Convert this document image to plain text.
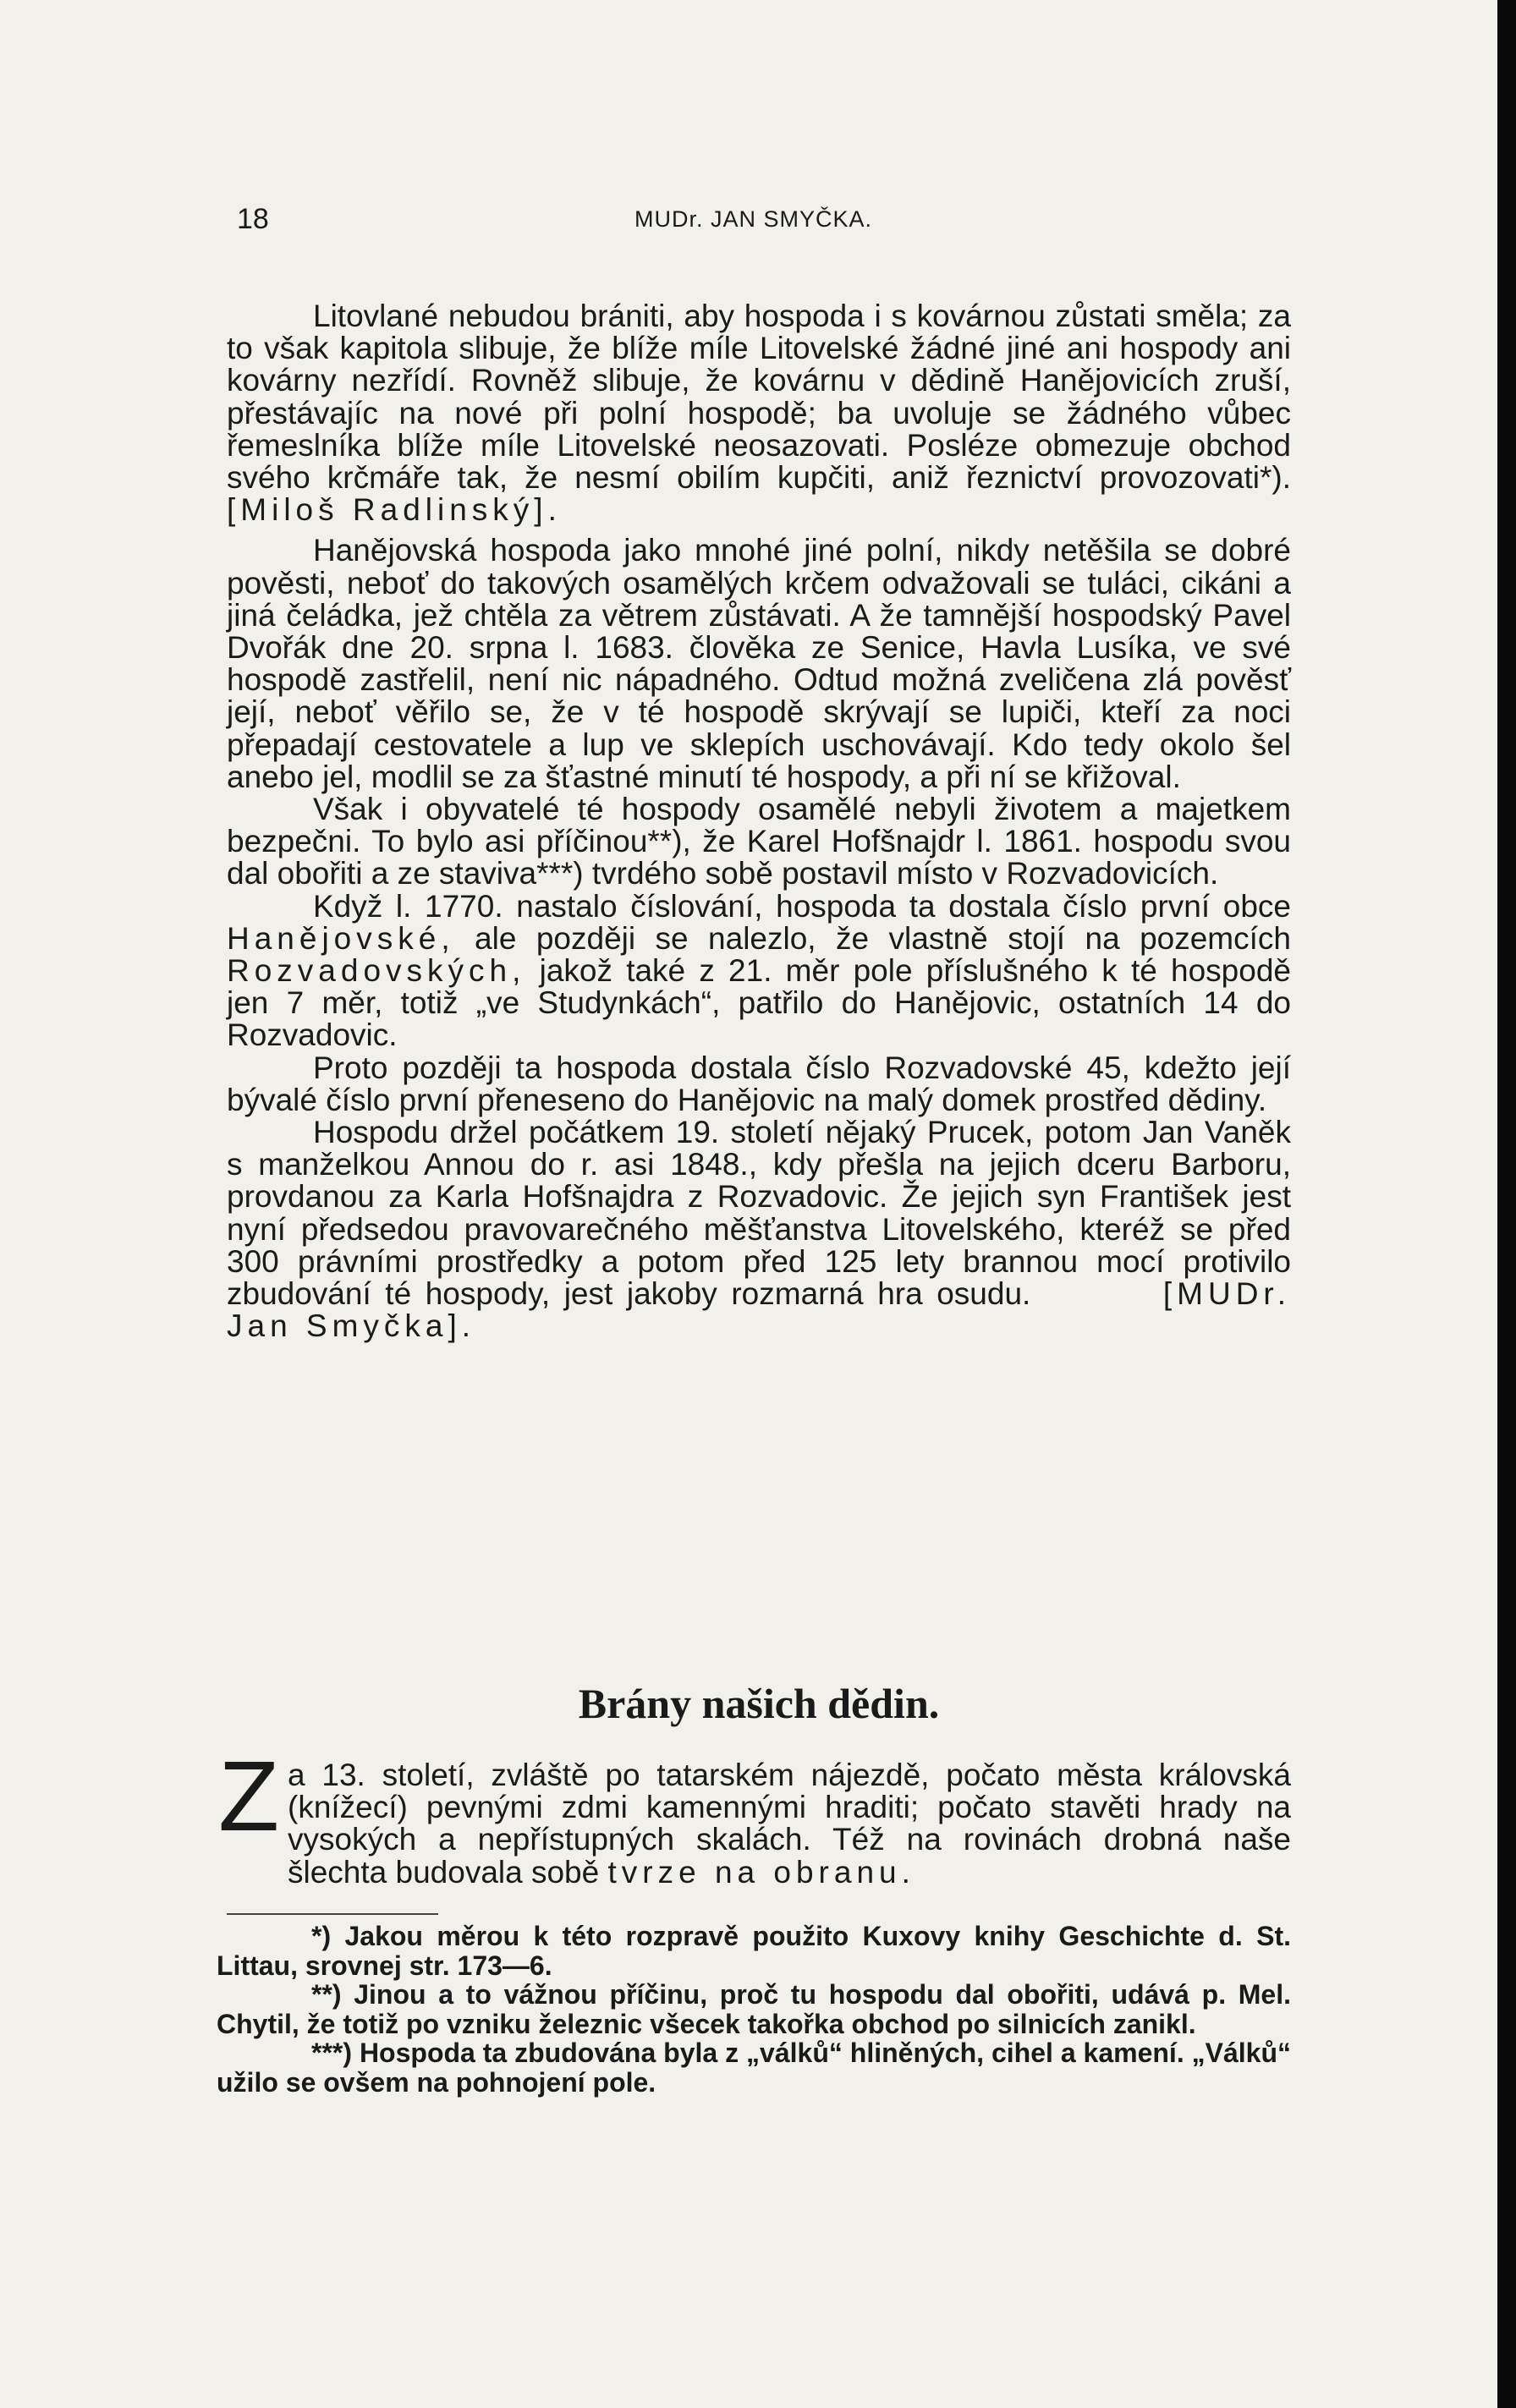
18	MUDr. JAN SMYČKA.

Litovlané nebudou brániti, aby hospoda i s kovárnou zůstati směla; za to však kapitola slibuje, že blíže míle Litovelské žádné jiné ani hospody ani kovárny nezřídí. Rovněž slibuje, že kovárnu v dědině Hanějovicích zruší, přestávajíc na nové při polní hospodě; ba uvoluje se žádného vůbec řemeslníka blíže míle Litovelské neosazovati. Posléze obmezuje obchod svého krčmáře tak, že nesmí obilím kupčiti, aniž řeznictví provozovati*). [Miloš Radlinský].

Hanějovská hospoda jako mnohé jiné polní, nikdy netěšila se dobré pověsti, neboť do takových osamělých krčem odvažovali se tuláci, cikáni a jiná čeládka, jež chtěla za větrem zůstávati. A že tamnější hospodský Pavel Dvořák dne 20. srpna l. 1683. člověka ze Senice, Havla Lusíka, ve své hospodě zastřelil, není nic nápadného. Odtud možná zveličena zlá pověsť její, neboť věřilo se, že v té hospodě skrývají se lupiči, kteří za noci přepadají cestovatele a lup ve sklepích uschovávají. Kdo tedy okolo šel anebo jel, modlil se za šťastné minutí té hospody, a při ní se křižoval.

Však i obyvatelé té hospody osamělé nebyli životem a majetkem bezpečni. To bylo asi příčinou**), že Karel Hofšnajdr l. 1861. hospodu svou dal obořiti a ze staviva***) tvrdého sobě postavil místo v Rozvadovicích.

Když l. 1770. nastalo číslování, hospoda ta dostala číslo první obce Hanějovské, ale později se nalezlo, že vlastně stojí na pozemcích Rozvadovských, jakož také z 21. měr pole příslušného k té hospodě jen 7 měr, totiž „ve Studynkách“, patřilo do Hanějovic, ostatních 14 do Rozvadovic.

Proto později ta hospoda dostala číslo Rozvadovské 45, kdežto její bývalé číslo první přeneseno do Hanějovic na malý domek prostřed dědiny.

Hospodu držel počátkem 19. století nějaký Prucek, potom Jan Vaněk s manželkou Annou do r. asi 1848., kdy přešla na jejich dceru Barboru, provdanou za Karla Hofšnajdra z Rozvadovic. Že jejich syn František jest nyní předsedou pravovarečného měšťanstva Litovelského, kteréž se před 300 právními prostředky a potom před 125 lety brannou mocí protivilo zbudování té hospody, jest jakoby rozmarná hra osudu.	[MUDr. Jan Smyčka].

Brány našich dědin.
Z a 13. století, zvláště po tatarském nájezdě, počato města královská (knížecí) pevnými zdmi kamennými hraditi; počato stavěti hrady na vysokých a nepřístupných skalách. Též na rovinách drobná naše šlechta budovala sobě tvrze na obranu.

*) Jakou měrou k této rozpravě použito Kuxovy knihy Geschichte d. St. Littau, srovnej str. 173—6.

**) Jinou a to vážnou příčinu, proč tu hospodu dal obořiti, udává p. Mel. Chytil, že totiž po vzniku železnic všecek takořka obchod po silnicích zanikl.

***) Hospoda ta zbudována byla z „válků“ hliněných, cihel a kamení. „Válků“ užilo se ovšem na pohnojení pole.
